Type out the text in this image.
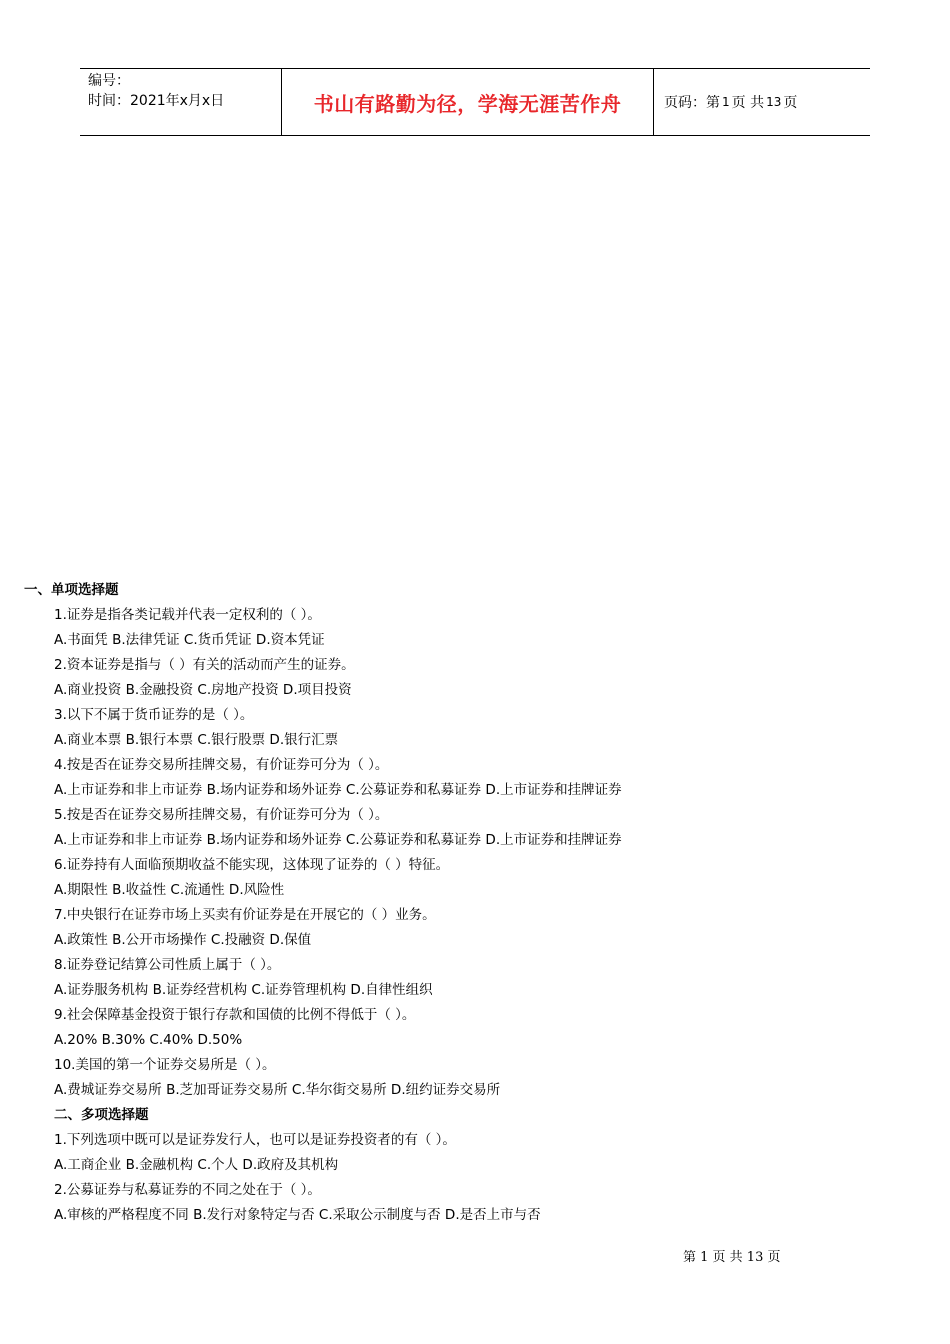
编号：
时间：2021年x月x日	书山有路勤为径，学海无涯苦作舟	页码：第 1 页 共 13 页
一、单项选择题
1.证券是指各类记载并代表一定权利的（ ）。
A.书面凭 B.法律凭证 C.货币凭证 D.资本凭证
2.资本证券是指与（ ）有关的活动而产生的证券。
A.商业投资 B.金融投资 C.房地产投资 D.项目投资
3.以下不属于货币证券的是（ ）。
A.商业本票 B.银行本票 C.银行股票 D.银行汇票
4.按是否在证券交易所挂牌交易，有价证券可分为（ ）。
A.上市证券和非上市证券 B.场内证券和场外证券 C.公募证券和私募证券 D.上市证券和挂牌证券
5.按是否在证券交易所挂牌交易，有价证券可分为（ ）。
A.上市证券和非上市证券 B.场内证券和场外证券 C.公募证券和私募证券 D.上市证券和挂牌证券
6.证券持有人面临预期收益不能实现，这体现了证券的（ ）特征。
A.期限性 B.收益性 C.流通性 D.风险性
7.中央银行在证券市场上买卖有价证券是在开展它的（ ）业务。
A.政策性 B.公开市场操作 C.投融资 D.保值
8.证券登记结算公司性质上属于（ ）。
A.证券服务机构 B.证券经营机构 C.证券管理机构 D.自律性组织
9.社会保障基金投资于银行存款和国债的比例不得低于（ ）。
A.20% B.30% C.40% D.50%
10.美国的第一个证券交易所是（ ）。
A.费城证券交易所 B.芝加哥证券交易所 C.华尔街交易所 D.纽约证券交易所
二、多项选择题
1.下列选项中既可以是证券发行人，也可以是证券投资者的有（ ）。
A.工商企业 B.金融机构 C.个人 D.政府及其机构
2.公募证券与私募证券的不同之处在于（ ）。
A.审核的严格程度不同 B.发行对象特定与否 C.采取公示制度与否 D.是否上市与否
第 1 页 共 13 页
